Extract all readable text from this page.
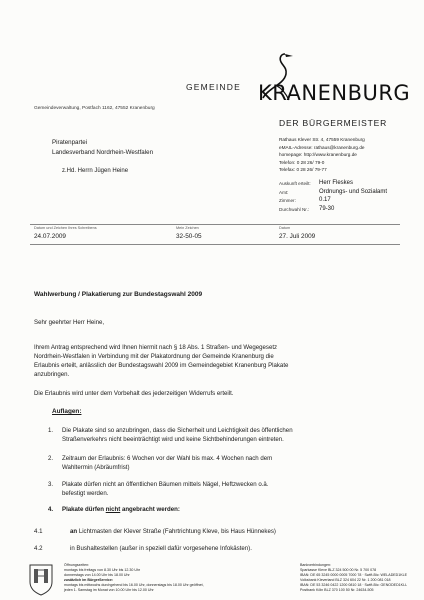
GEMEINDE KRANENBURG
DER BÜRGERMEISTER
Gemeindeverwaltung, Postfach 1162, 47552 Kranenburg
Piratenpartei
Landesverband Nordrhein-Westfalen
z.Hd. Herrn Jügen Heine
Rathaus Klever Str. 4, 47559 Kranenburg
eMAIL-Adresse: rathaus@kranenburg.de
homepage: http://www.kranenburg.de
Telefon: 0 28 26/ 79-0
Telefax: 0 28 26/ 79-77
Auskunft erteilt: Herr Fleskes
Amt:	Ordnungs- und Sozialamt
Zimmer:	0.17
Durchwahl Nr.: 79-30
Datum und Zeichen Ihres Schreibens
24.07.2009
Mein Zeichen
32-50-05
Datum
27. Juli 2009
Wahlwerbung / Plakatierung zur Bundestagswahl 2009
Sehr geehrter Herr Heine,
Ihrem Antrag entsprechend wird Ihnen hiermit nach § 18 Abs. 1 Straßen- und Wegegesetz
Nordrhein-Westfalen in Verbindung mit der Plakatordnung der Gemeinde Kranenburg die
Erlaubnis erteilt, anlässlich der Bundestagswahl 2009 im Gemeindegebiet Kranenburg Plakate
anzubringen.
Die Erlaubnis wird unter dem Vorbehalt des jederzeitigen Widerrufs erteilt.
Auflagen:
1.	Die Plakate sind so anzubringen, dass die Sicherheit und Leichtigkeit des öffentlichen
Straßenverkehrs nicht beeinträchtigt wird und keine Sichtbehinderungen eintreten.
2.	Zeitraum der Erlaubnis: 6 Wochen vor der Wahl bis max. 4 Wochen nach dem
Wahltermin (Abräumfrist)
3.	Plakate dürfen nicht an öffentlichen Bäumen mittels Nägel, Heftzwecken o.ä.
befestigt werden.
4.	Plakate dürfen nicht angebracht werden:
4.1	an Lichtmasten der Klever Straße (Fahrtrichtung Kleve, bis Haus Hünnekes)
4.2	in Bushaltestellen (außer in speziell dafür vorgesehene Infokästen).
Öffnungszeiten:
montags bis freitags von 8.30 Uhr bis 12.30 Uhr
donnerstags von 14.00 Uhr bis 18.00 Uhr
zusätzlich im BürgerService:
montags bis mittwochs durchgehend bis 16.00 Uhr, donnerstags bis 18.00 Uhr geöffnet,
jeden 1. Samstag im Monat von 10.00 Uhr bis 12.00 Uhr
Bankverbindungen:
Sparkasse Kleve BLZ 324 500 00 Nr. 5 700 078
IBAN: DE 65 3245 0000 0005 7000 78 · Swift-Bic: WELADED1KLE
Volksbank Kleverland BLZ 324 604 22 Nr. 1 200 081 018
IBAN: DE 53 3246 0422 1200 0810 18 · Swift-Bic: GENODED1KLL
Postbank Köln BLZ 370 100 50 Nr. 24634-505
